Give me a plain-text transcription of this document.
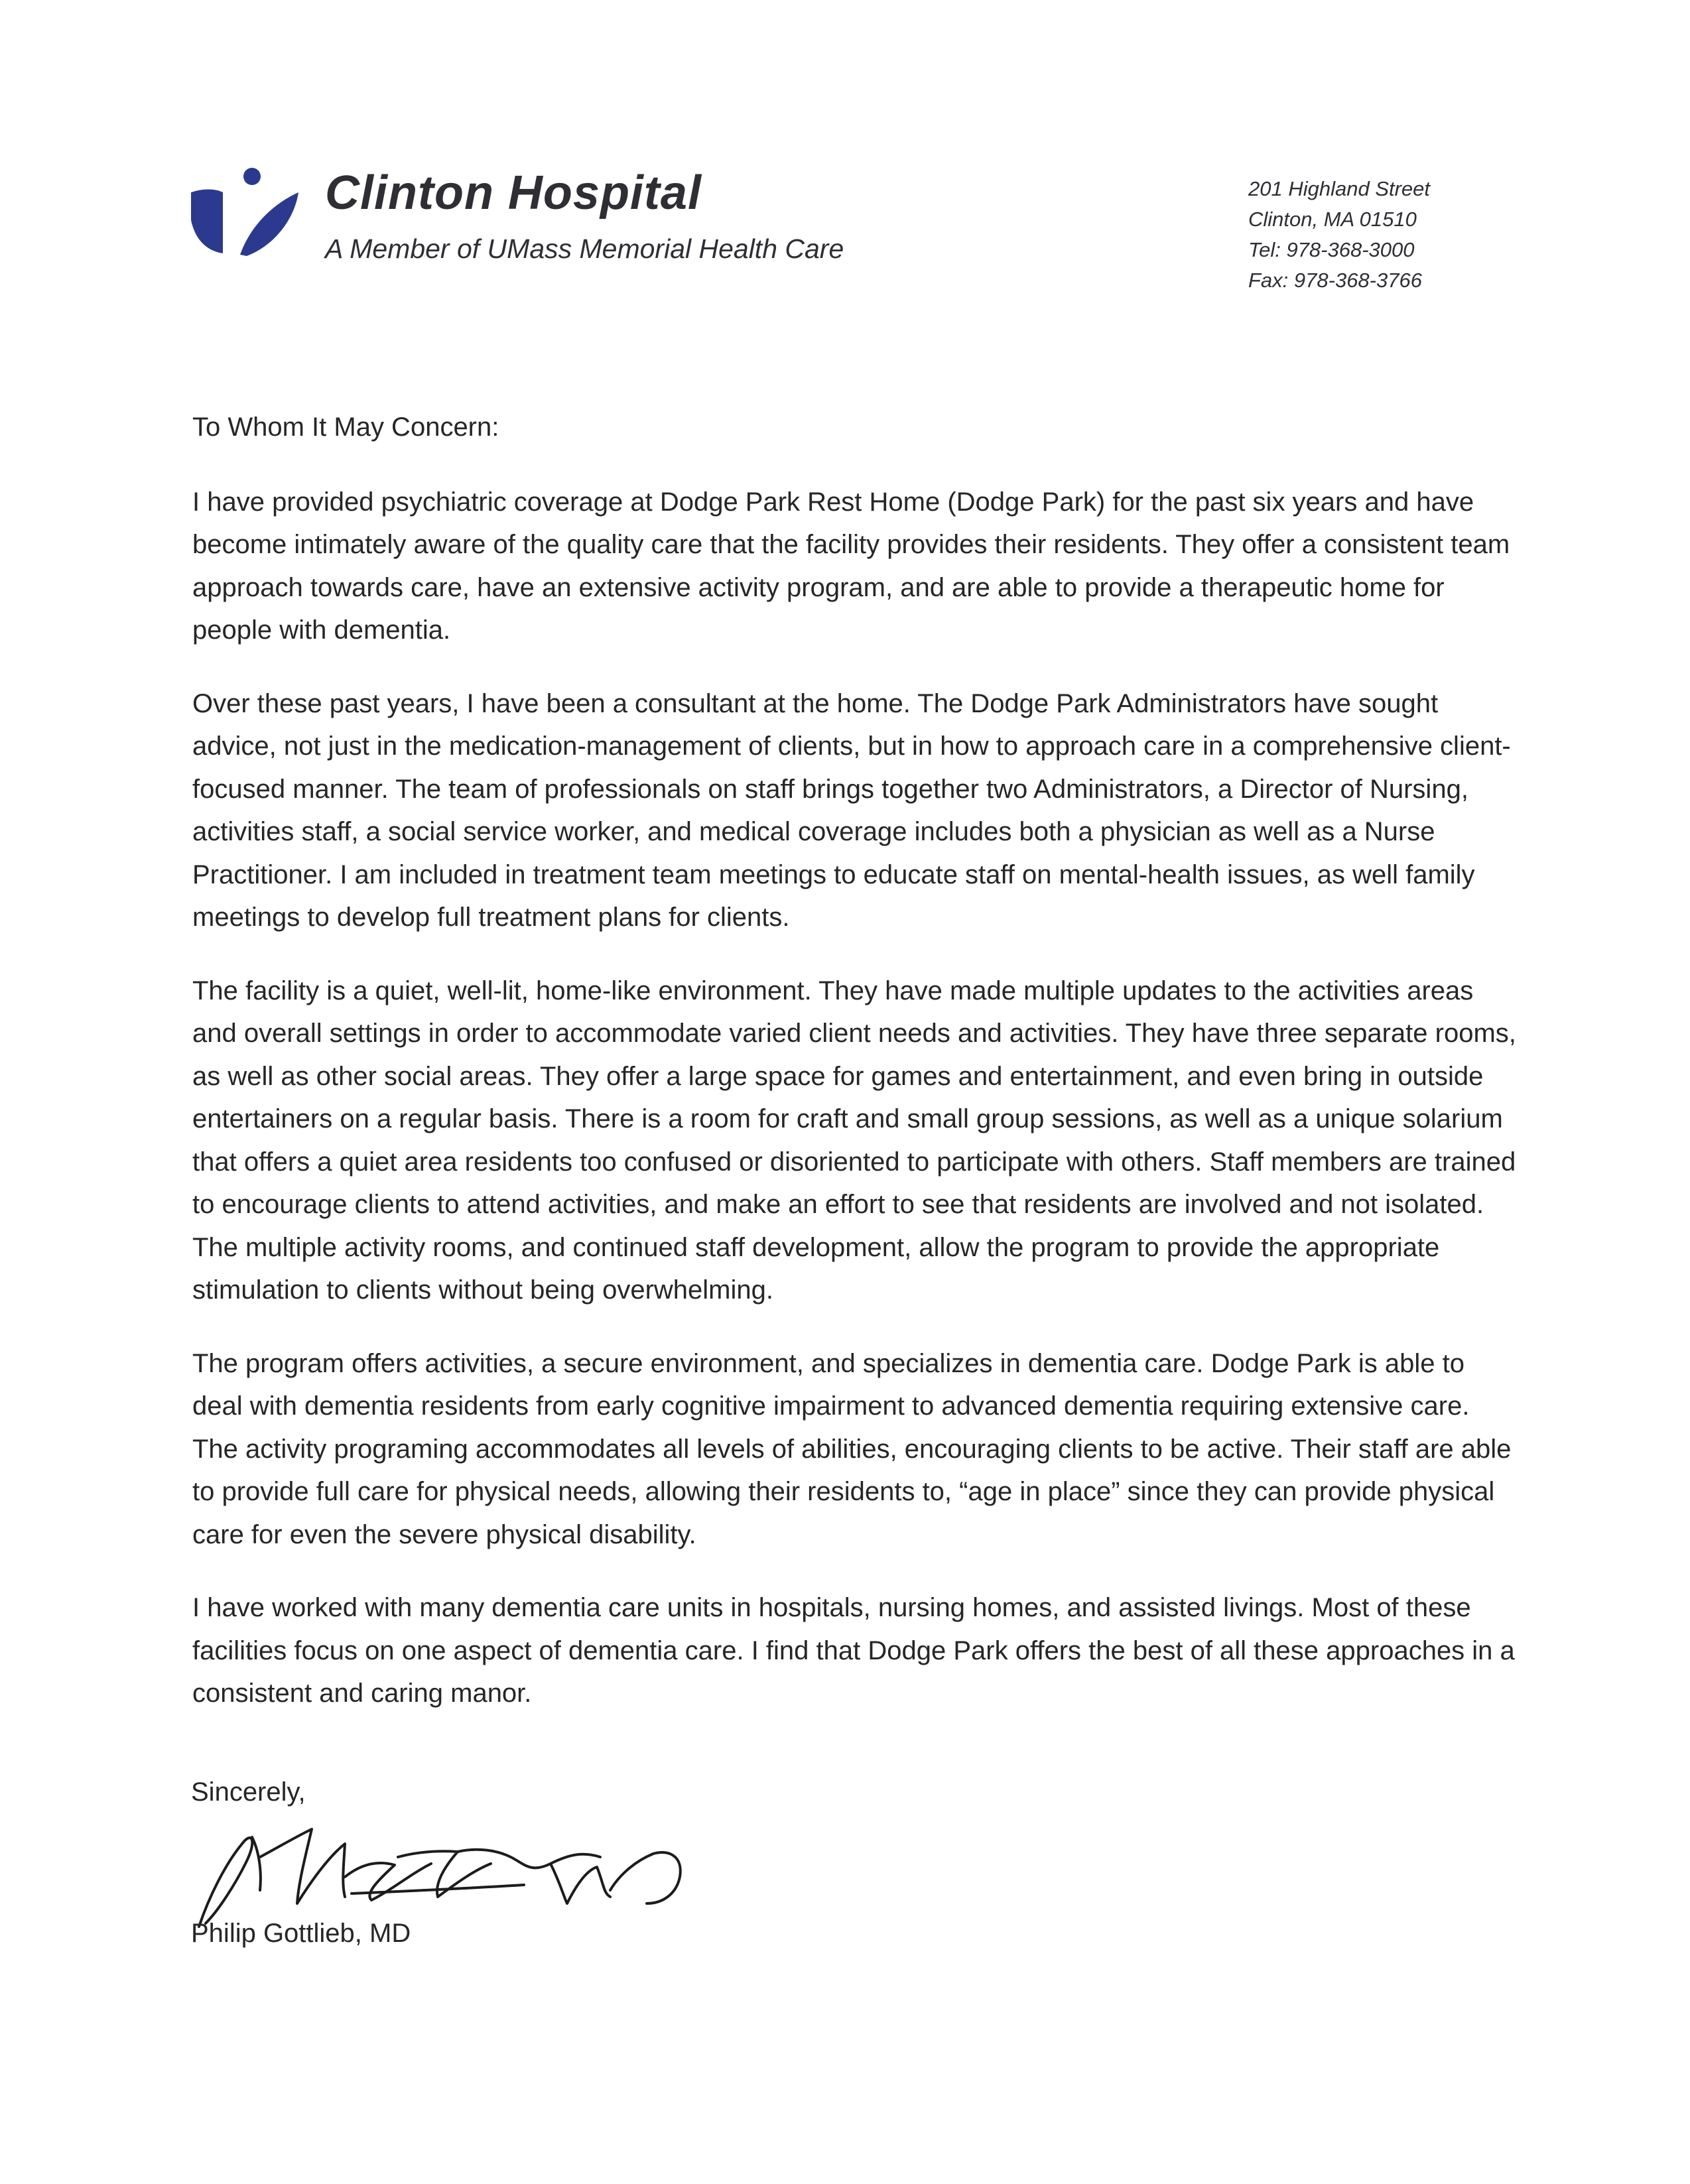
Clinton Hospital
A Member of UMass Memorial Health Care
201 Highland Street
Clinton, MA 01510
Tel: 978-368-3000
Fax: 978-368-3766
To Whom It May Concern:

I have provided psychiatric coverage at Dodge Park Rest Home (Dodge Park) for the past six years and have become intimately aware of the quality care that the facility provides their residents. They offer a consistent team approach towards care, have an extensive activity program, and are able to provide a therapeutic home for people with dementia.

Over these past years, I have been a consultant at the home. The Dodge Park Administrators have sought advice, not just in the medication-management of clients, but in how to approach care in a comprehensive client-focused manner. The team of professionals on staff brings together two Administrators, a Director of Nursing, activities staff, a social service worker, and medical coverage includes both a physician as well as a Nurse Practitioner. I am included in treatment team meetings to educate staff on mental-health issues, as well family meetings to develop full treatment plans for clients.

The facility is a quiet, well-lit, home-like environment. They have made multiple updates to the activities areas and overall settings in order to accommodate varied client needs and activities. They have three separate rooms, as well as other social areas. They offer a large space for games and entertainment, and even bring in outside entertainers on a regular basis. There is a room for craft and small group sessions, as well as a unique solarium that offers a quiet area residents too confused or disoriented to participate with others. Staff members are trained to encourage clients to attend activities, and make an effort to see that residents are involved and not isolated. The multiple activity rooms, and continued staff development, allow the program to provide the appropriate stimulation to clients without being overwhelming.

The program offers activities, a secure environment, and specializes in dementia care. Dodge Park is able to deal with dementia residents from early cognitive impairment to advanced dementia requiring extensive care. The activity programing accommodates all levels of abilities, encouraging clients to be active. Their staff are able to provide full care for physical needs, allowing their residents to, “age in place” since they can provide physical care for even the severe physical disability.

I have worked with many dementia care units in hospitals, nursing homes, and assisted livings. Most of these facilities focus on one aspect of dementia care. I find that Dodge Park offers the best of all these approaches in a consistent and caring manor.

Sincerely,
Philip Gottlieb, MD
